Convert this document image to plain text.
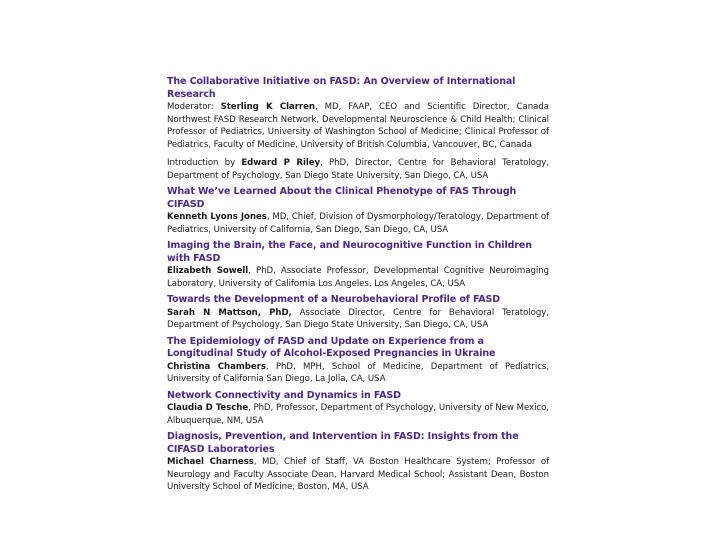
The Collaborative Initiative on FASD: An Overview of International Research
Moderator: Sterling K Clarren, MD, FAAP, CEO and Scientific Director, Canada Northwest FASD Research Network, Developmental Neuroscience & Child Health; Clinical Professor of Pediatrics, University of Washington School of Medicine; Clinical Professor of Pediatrics, Faculty of Medicine, University of British Columbia, Vancouver, BC, Canada
Introduction by Edward P Riley, PhD, Director, Centre for Behavioral Teratology, Department of Psychology, San Diego State University, San Diego, CA, USA
What We’ve Learned About the Clinical Phenotype of FAS Through CIFASD
Kenneth Lyons Jones, MD, Chief, Division of Dysmorphology/Teratology, Department of Pediatrics, University of California, San Diego, San Diego, CA, USA
Imaging the Brain, the Face, and Neurocognitive Function in Children with FASD
Elizabeth Sowell, PhD, Associate Professor, Developmental Cognitive Neuroimaging Laboratory, University of California Los Angeles, Los Angeles, CA, USA
Towards the Development of a Neurobehavioral Profile of FASD
Sarah N Mattson, PhD, Associate Director, Centre for Behavioral Teratology, Department of Psychology, San Diego State University, San Diego, CA, USA
The Epidemiology of FASD and Update on Experience from a Longitudinal Study of Alcohol-Exposed Pregnancies in Ukraine
Christina Chambers, PhD, MPH, School of Medicine, Department of Pediatrics, University of California San Diego, La Jolla, CA, USA
Network Connectivity and Dynamics in FASD
Claudia D Tesche, PhD, Professor, Department of Psychology, University of New Mexico, Albuquerque, NM, USA
Diagnosis, Prevention, and Intervention in FASD: Insights from the CIFASD Laboratories
Michael Charness, MD, Chief of Staff, VA Boston Healthcare System; Professor of Neurology and Faculty Associate Dean, Harvard Medical School; Assistant Dean, Boston University School of Medicine, Boston, MA, USA
